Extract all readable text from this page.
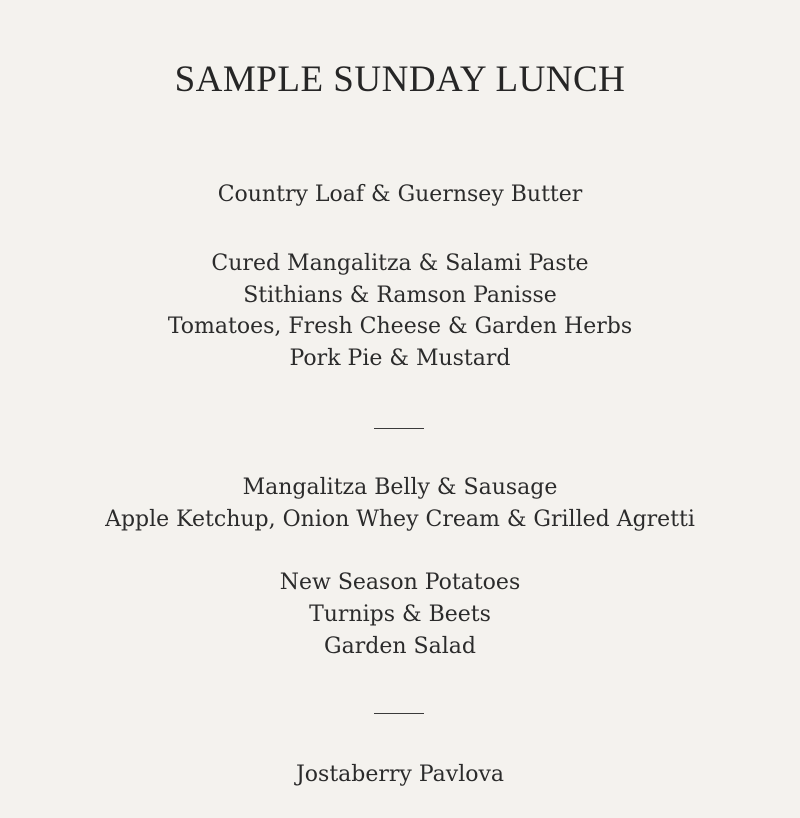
SAMPLE SUNDAY LUNCH
Country Loaf & Guernsey Butter
Cured Mangalitza & Salami Paste
Stithians & Ramson Panisse
Tomatoes, Fresh Cheese & Garden Herbs
Pork Pie & Mustard
Mangalitza Belly & Sausage
Apple Ketchup, Onion Whey Cream & Grilled Agretti
New Season Potatoes
Turnips & Beets
Garden Salad
Jostaberry Pavlova
